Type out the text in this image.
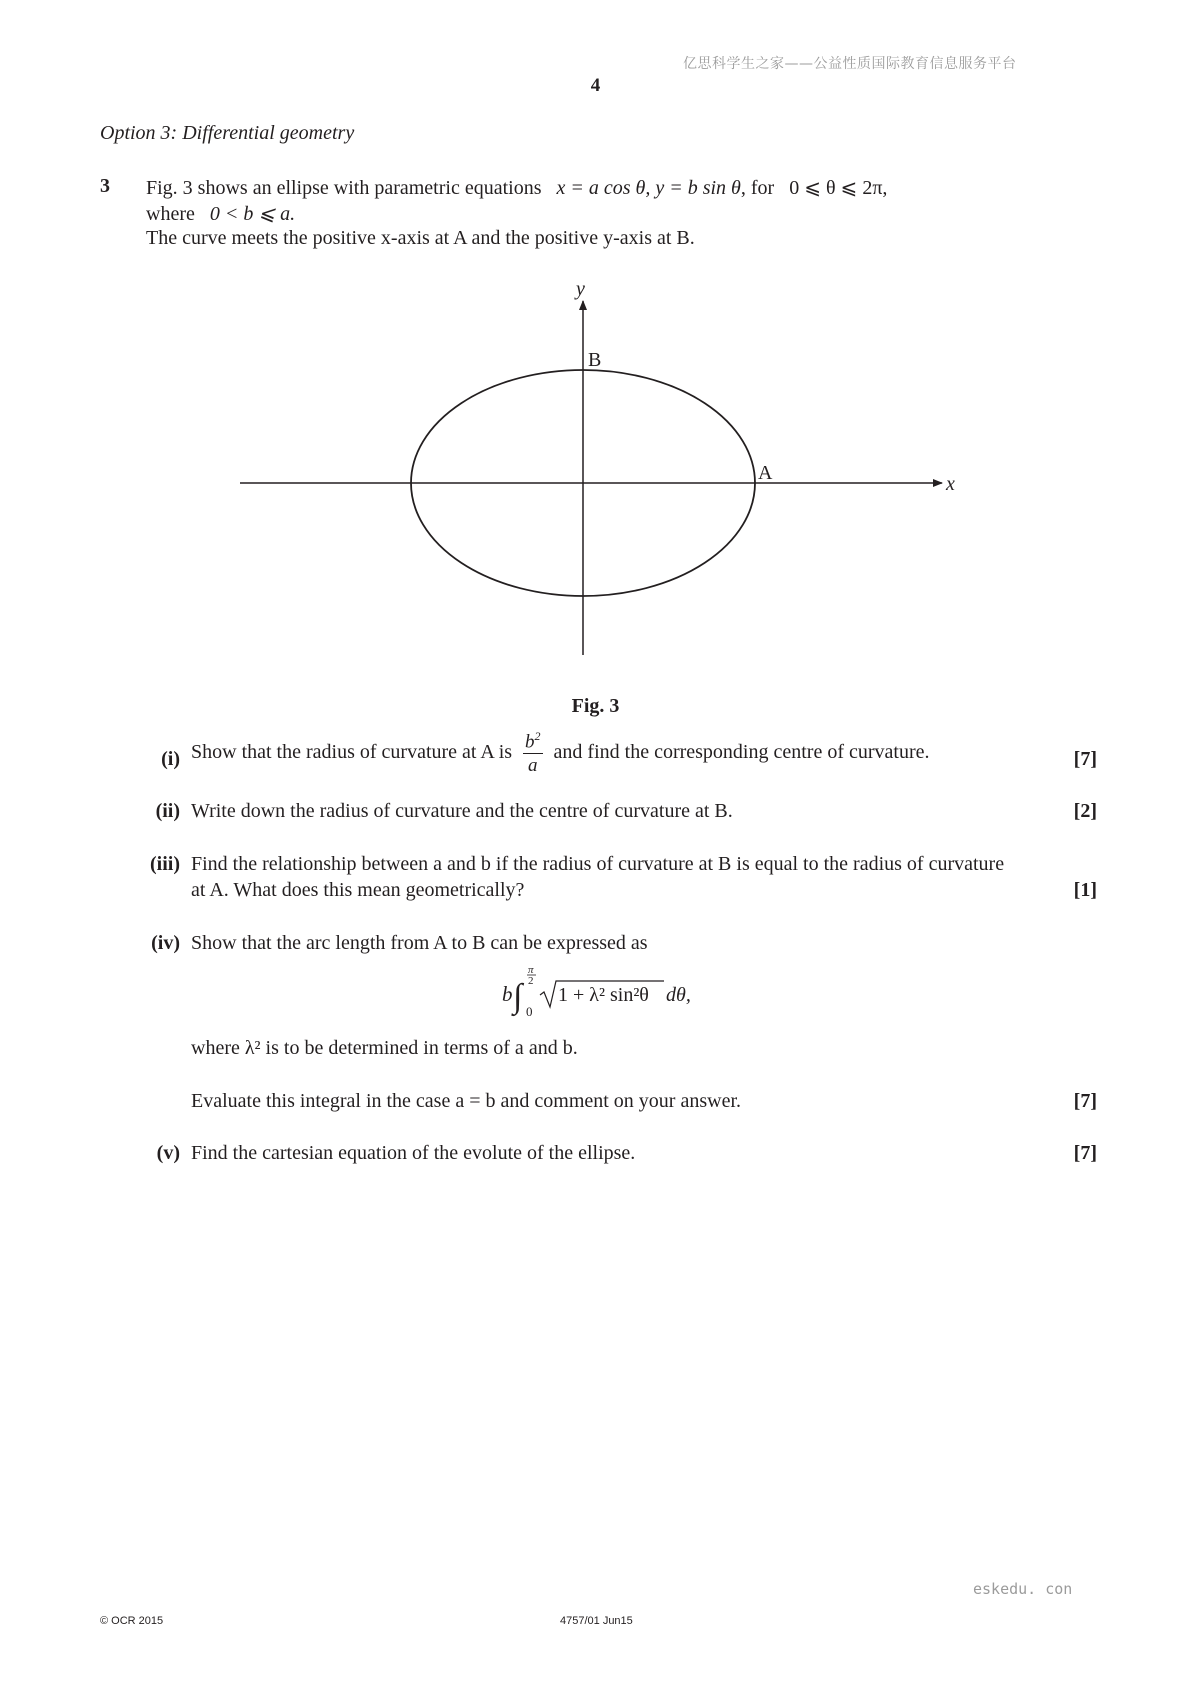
亿思科学生之家——公益性质国际教育信息服务平台
4
Option 3: Differential geometry
3 Fig. 3 shows an ellipse with parametric equations x = a cos θ, y = b sin θ, for 0 ⩽ θ ⩽ 2π,
where 0 < b ⩽ a.
The curve meets the positive x-axis at A and the positive y-axis at B.
y
x
B
A
Fig. 3
(i) Show that the radius of curvature at A is $\frac{b^2}{a}$ and find the corresponding centre of curvature.	[7]
(ii) Write down the radius of curvature and the centre of curvature at B.	[2]
(iii) Find the relationship between a and b if the radius of curvature at B is equal to the radius of curvature
at A. What does this mean geometrically?	[1]
(iv) Show that the arc length from A to B can be expressed as
b ∫
π
2
0
1 + λ² sin²θ dθ,
where λ² is to be determined in terms of a and b.
Evaluate this integral in the case a = b and comment on your answer.	[7]
(v) Find the cartesian equation of the evolute of the ellipse.	[7]
eskedu. con
© OCR 2015	4757/01 Jun15
